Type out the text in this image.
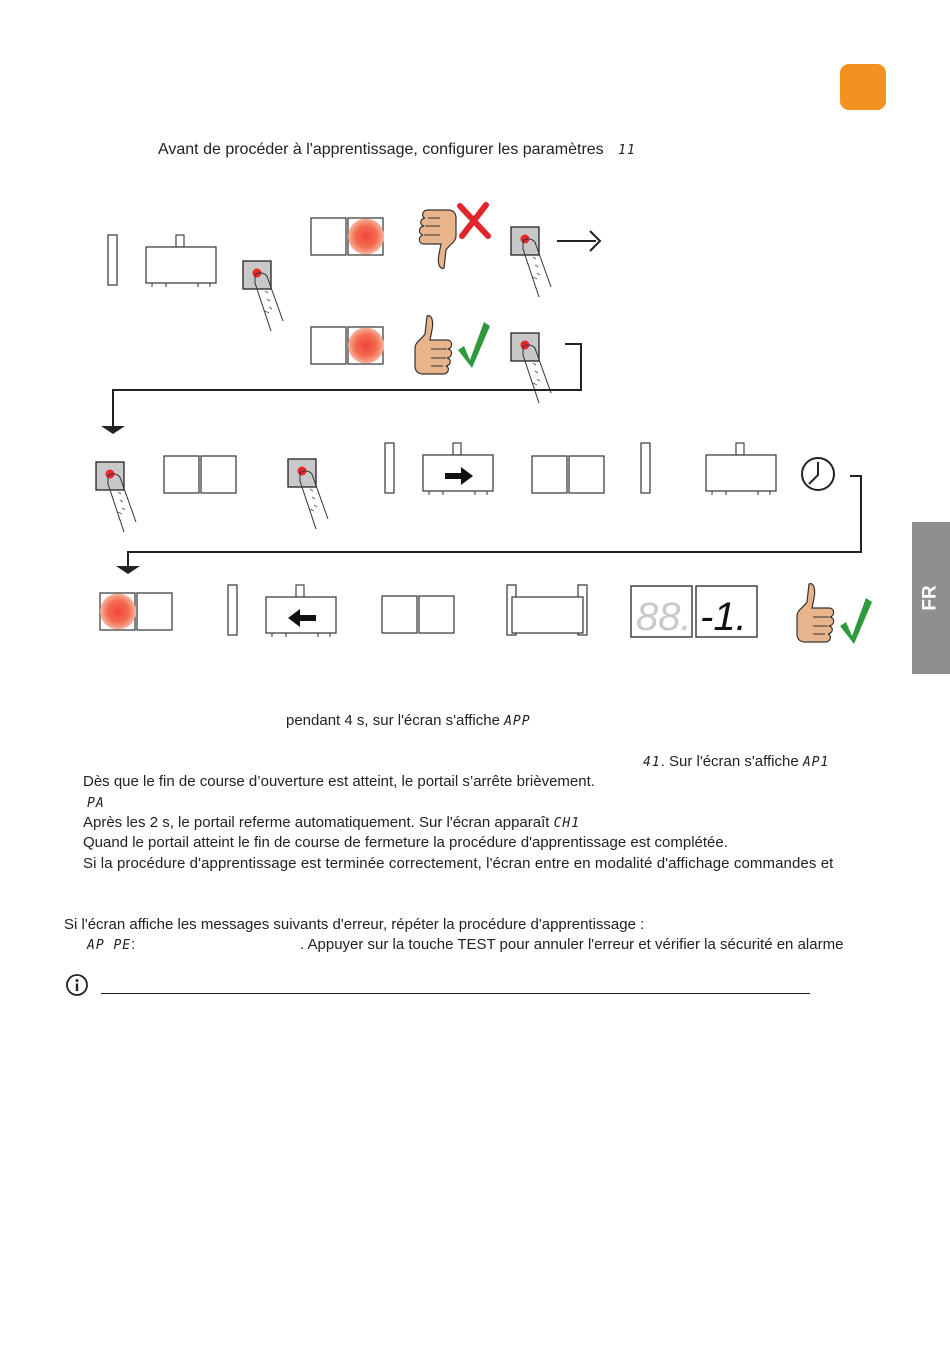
FR
Avant de procéder à l'apprentissage, configurer les paramètres 11
88. -1.
pendant 4 s, sur l'écran s'affiche APP
41. Sur l'écran s'affiche AP1
Dès que le fin de course d’ouverture est atteint, le portail s’arrête brièvement.
PA
Après les 2 s, le portail referme automatiquement. Sur l'écran apparaît CH1
Quand le portail atteint le fin de course de fermeture la procédure d'apprentissage est complétée.
Si la procédure d'apprentissage est terminée correctement, l'écran entre en modalité d'affichage commandes et
Si l'écran affiche les messages suivants d'erreur, répéter la procédure d'apprentissage :
AP PE:	. Appuyer sur la touche TEST pour annuler l'erreur et vérifier la sécurité en alarme
